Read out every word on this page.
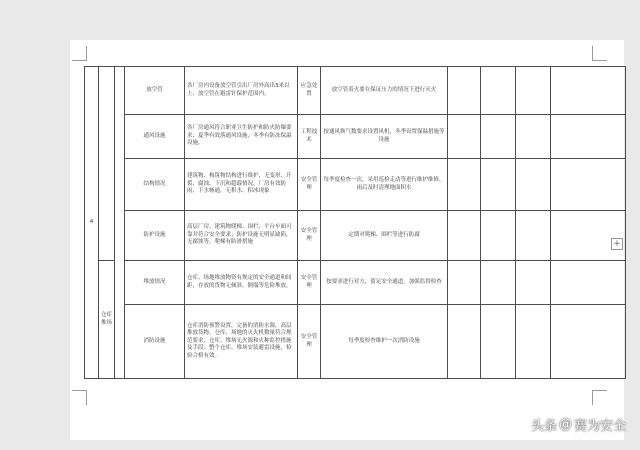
4			放空管	各厂房内设备放空管引出厂房外高出3米以上；放空管在避雷针保护范围内。	应急处置	放空管着火要在保证压力的情况下进行灭火				
			通风设施	各厂房通风符合职业卫生防护和防火防爆要求；夏季有效落通风设施，冬季有防冻保温设施。	工程技术	按通风换气数要求设置风机，冬季设置保温措施等设施				
			结构情况	建筑物、构筑物结构进行维护，无变形、开裂、腐蚀、下沉和超载情况，厂房有效防雨，下水畅通，无积水、积冰现象	安全管理	每季度检查一次，采用巡检走动等进行维护维修，雨后及时清理地面积水				
			防护设施	高层厂房、建筑物爬梯、围栏、平台车面可靠并符合安全要求；防护设施无明显缺陷，无腐蚀等，爬梯有防滑措施	安全管理	定期对爬梯、围栏等进行防腐				
	仓库堆场		堆放情况	仓库、场地堆放物资有规定的安全通道和间距，存放的货物无倾斜、倒塌等危险堆放。	安全管理	按要求进行对方，留足安全通道，加强监督检查				
			消防设施	仓库消防预警设置，完备的消防水源，高层堆放货物、仓库、场地的灭火机数量符合规范要求，仓库、堆场无火源和火种监控措施及手段；整个仓库、堆场安装避雷设施，检验合格有效。	安全管理	每季度检查维护一次消防设施				
+
头条 @ 赛为安全
